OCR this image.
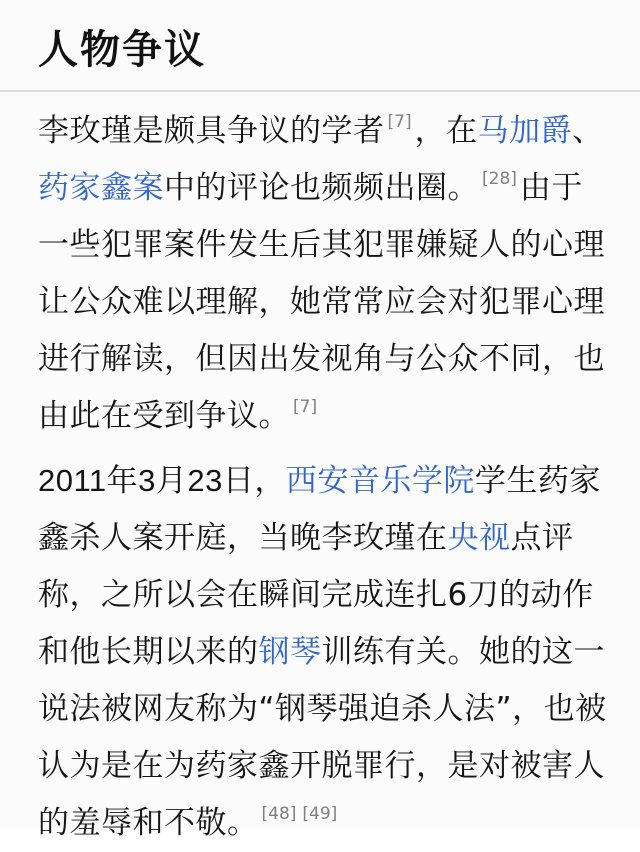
人物争议

李玫瑾是颇具争议的学者 [7]，在马加爵、
药家鑫案中的评论也频频出圈。 [28]由于
一些犯罪案件发生后其犯罪嫌疑人的心理
让公众难以理解，她常常应会对犯罪心理
进行解读，但因出发视角与公众不同，也
由此在受到争议。 [7]

2011年3月23日，西安音乐学院学生药家
鑫杀人案开庭，当晚李玫瑾在央视点评
称，之所以会在瞬间完成连扎6刀的动作
和他长期以来的钢琴训练有关。她的这一
说法被网友称为“钢琴强迫杀人法”，也被
认为是在为药家鑫开脱罪行，是对被害人
的羞辱和不敬。 [48] [49]
